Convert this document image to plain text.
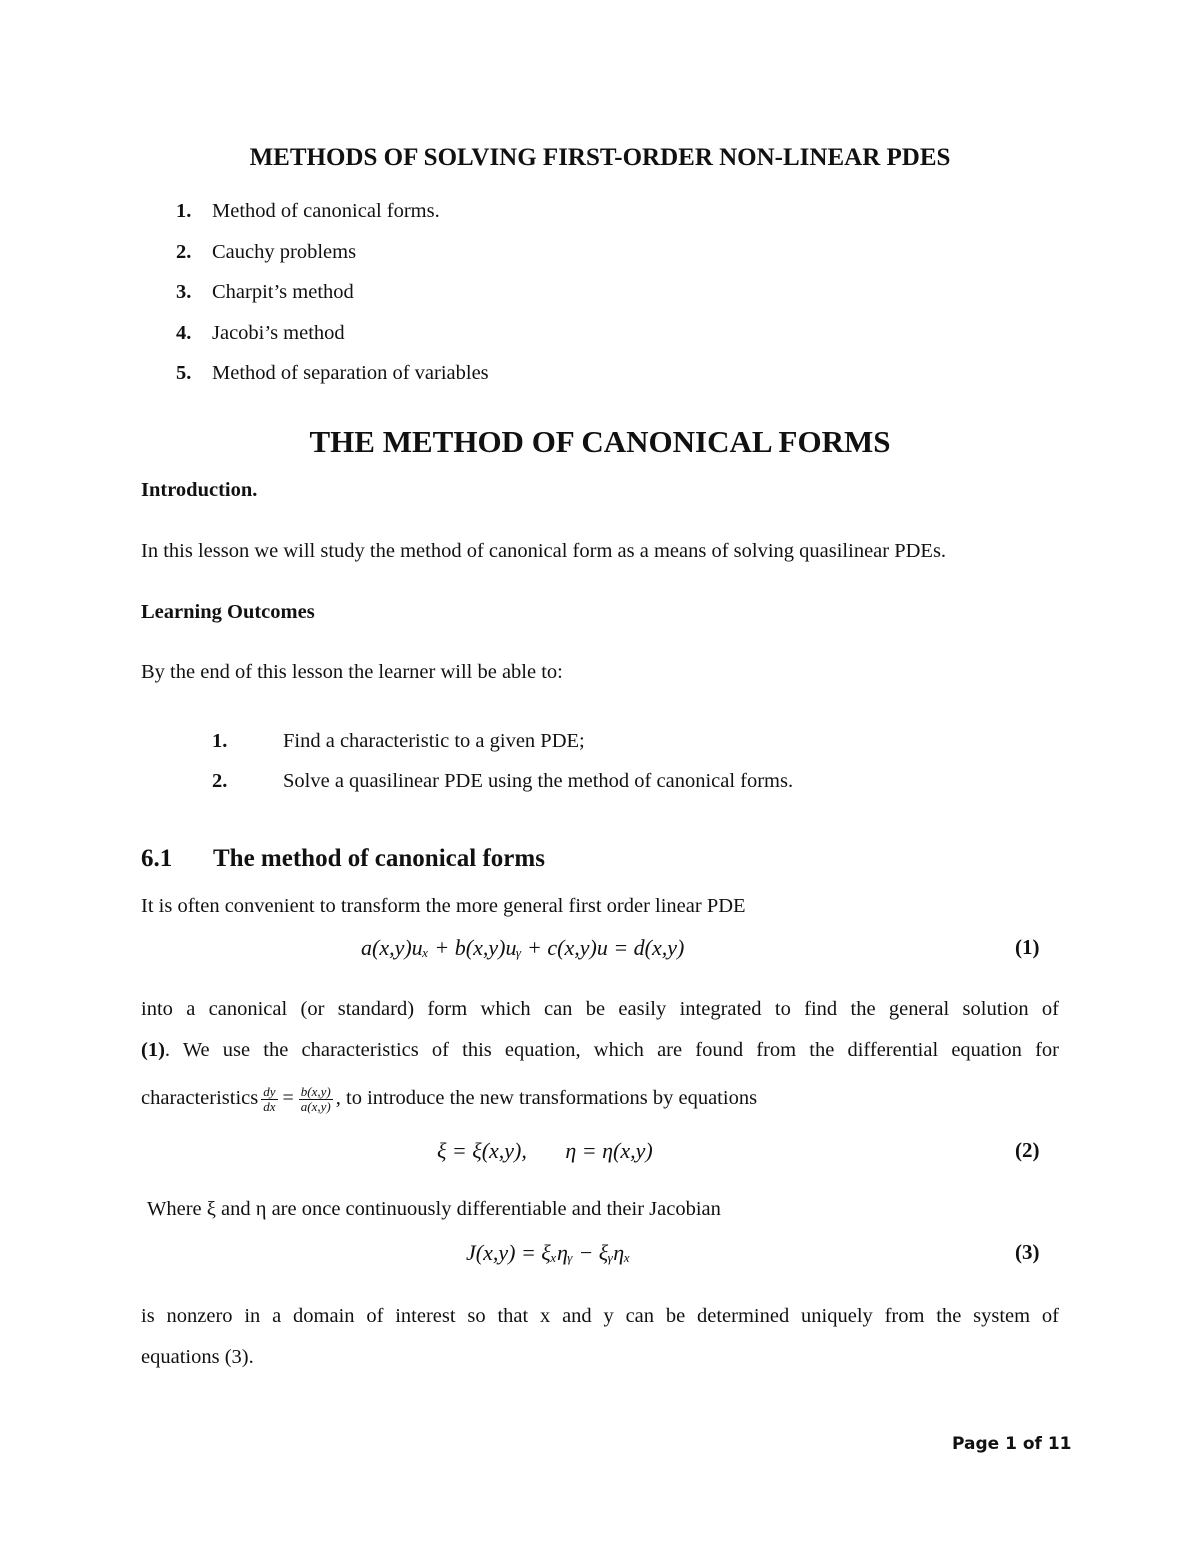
METHODS OF SOLVING FIRST-ORDER NON-LINEAR PDES
1. Method of canonical forms.
2. Cauchy problems
3. Charpit’s method
4. Jacobi’s method
5. Method of separation of variables
THE METHOD OF CANONICAL FORMS
Introduction.
In this lesson we will study the method of canonical form as a means of solving quasilinear PDEs.
Learning Outcomes
By the end of this lesson the learner will be able to:
1.	Find a characteristic to a given PDE;
2.	Solve a quasilinear PDE using the method of canonical forms.
6.1 The method of canonical forms
It is often convenient to transform the more general first order linear PDE
a(x,y)uₓ + b(x,y)uᵧ + c(x,y)u = d(x,y)	(1)
into a canonical (or standard) form which can be easily integrated to find the general solution of
(1). We use the characteristics of this equation, which are found from the differential equation for
characteristics $\frac{dy}{dx} = \frac{b(x,y)}{a(x,y)}$ , to introduce the new transformations by equations
ξ = ξ(x,y),       η = η(x,y)	(2)
Where ξ and η are once continuously differentiable and their Jacobian
J(x,y) = ξₓηᵧ − ξᵧηₓ	(3)
is nonzero in a domain of interest so that x and y can be determined uniquely from the system of
equations (3).
Page 1 of 11
